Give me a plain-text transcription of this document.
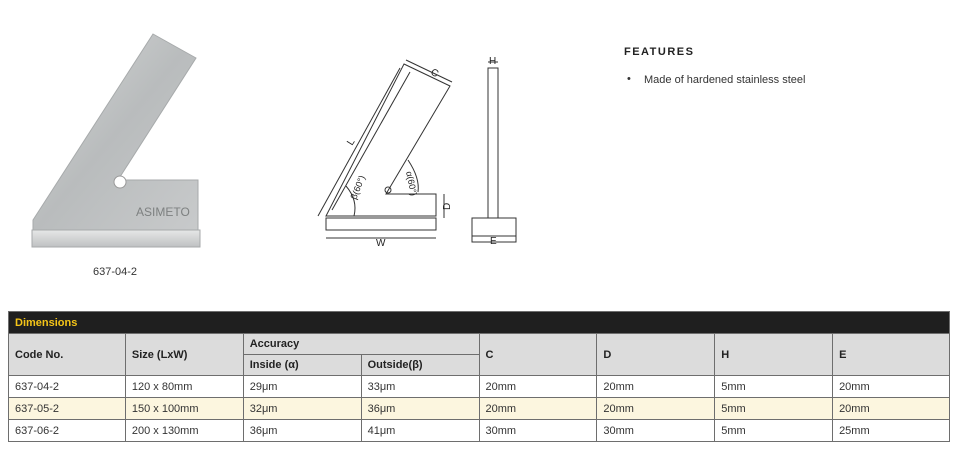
ASIMETO
637-04-2
L
C
W
D
H
E
α(60°)
β(60°)
FEATURES
• Made of hardened stainless steel
Dimensions							
Code No.	Size (LxW)	Accuracy		C	D	H	E
		Inside (α)	Outside(β)				
637-04-2	120 x 80mm	29μm	33μm	20mm	20mm	5mm	20mm
637-05-2	150 x 100mm	32μm	36μm	20mm	20mm	5mm	20mm
637-06-2	200 x 130mm	36μm	41μm	30mm	30mm	5mm	25mm
